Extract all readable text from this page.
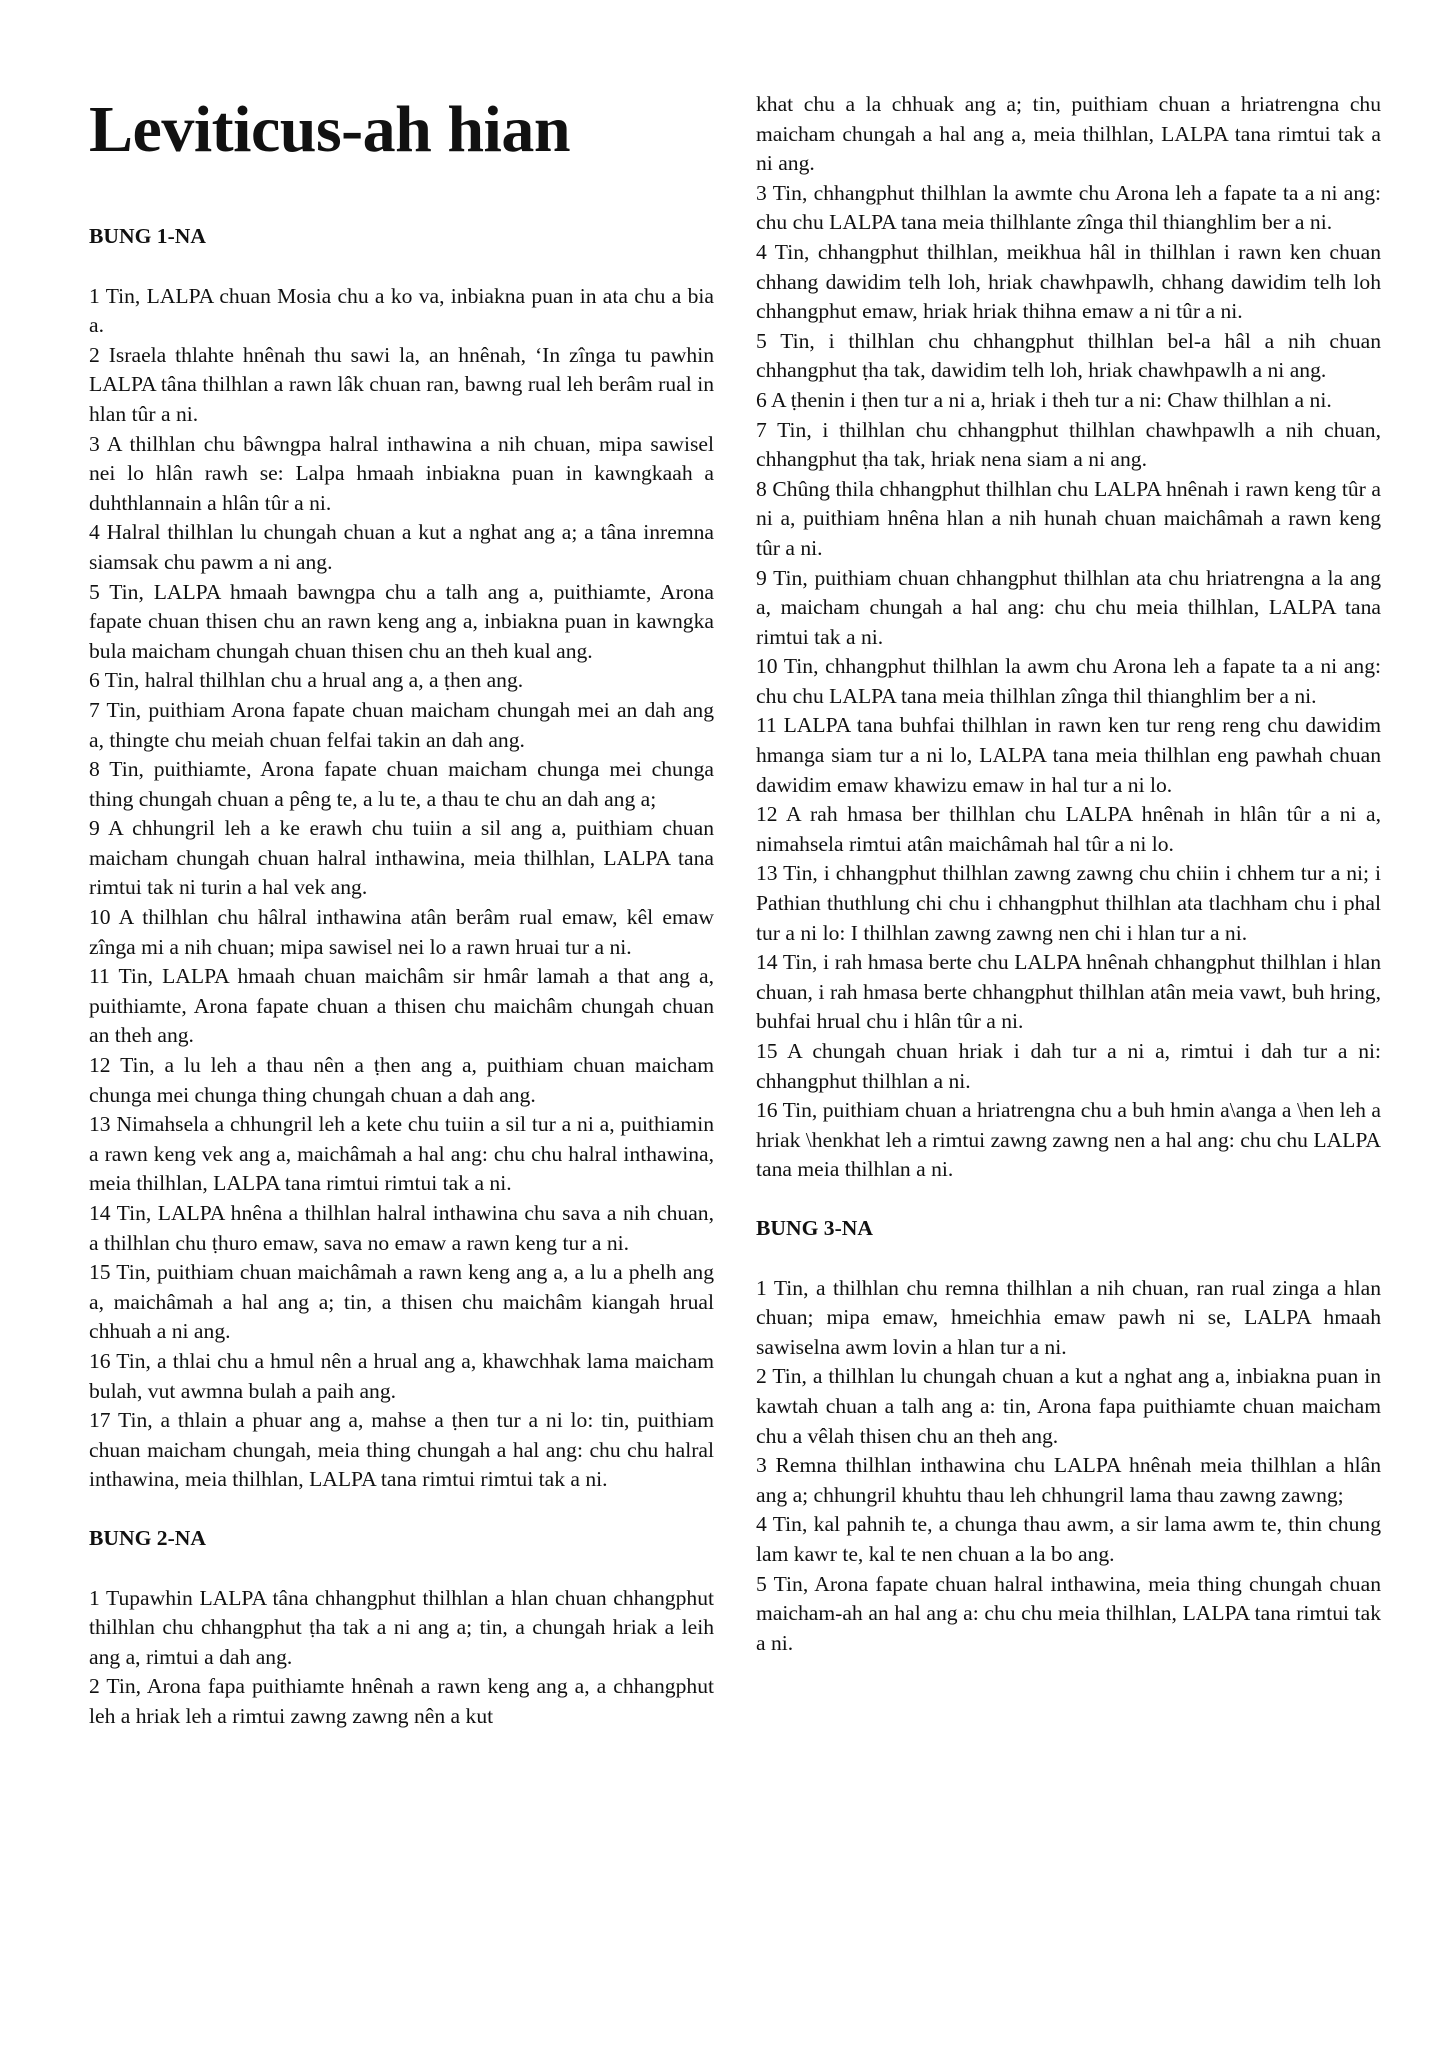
Leviticus-ah hian
BUNG 1-NA

1 Tin, LALPA chuan Mosia chu a ko va, inbiakna puan in ata chu a bia a.

2 Israela thlahte hnênah thu sawi la, an hnênah, ‘In zînga tu pawhin LALPA tâna thilhlan a rawn lâk chuan ran, bawng rual leh berâm rual in hlan tûr a ni.

3 A thilhlan chu bâwngpa halral inthawina a nih chuan, mipa sawisel nei lo hlân rawh se: Lalpa hmaah inbiakna puan in kawngkaah a duhthlannain a hlân tûr a ni.

4 Halral thilhlan lu chungah chuan a kut a nghat ang a; a tâna inremna siamsak chu pawm a ni ang.

5 Tin, LALPA hmaah bawngpa chu a talh ang a, puithiamte, Arona fapate chuan thisen chu an rawn keng ang a, inbiakna puan in kawngka bula maicham chungah chuan thisen chu an theh kual ang.

6 Tin, halral thilhlan chu a hrual ang a, a ṭhen ang.

7 Tin, puithiam Arona fapate chuan maicham chungah mei an dah ang a, thingte chu meiah chuan felfai takin an dah ang.

8 Tin, puithiamte, Arona fapate chuan maicham chunga mei chunga thing chungah chuan a pêng te, a lu te, a thau te chu an dah ang a;

9 A chhungril leh a ke erawh chu tuiin a sil ang a, puithiam chuan maicham chungah chuan halral inthawina, meia thilhlan, LALPA tana rimtui tak ni turin a hal vek ang.

10 A thilhlan chu hâlral inthawina atân berâm rual emaw, kêl emaw zînga mi a nih chuan; mipa sawisel nei lo a rawn hruai tur a ni.

11 Tin, LALPA hmaah chuan maichâm sir hmâr lamah a that ang a, puithiamte, Arona fapate chuan a thisen chu maichâm chungah chuan an theh ang.

12 Tin, a lu leh a thau nên a ṭhen ang a, puithiam chuan maicham chunga mei chunga thing chungah chuan a dah ang.

13 Nimahsela a chhungril leh a kete chu tuiin a sil tur a ni a, puithiamin a rawn keng vek ang a, maichâmah a hal ang: chu chu halral inthawina, meia thilhlan, LALPA tana rimtui rimtui tak a ni.

14 Tin, LALPA hnêna a thilhlan halral inthawina chu sava a nih chuan, a thilhlan chu ṭhuro emaw, sava no emaw a rawn keng tur a ni.

15 Tin, puithiam chuan maichâmah a rawn keng ang a, a lu a phelh ang a, maichâmah a hal ang a; tin, a thisen chu maichâm kiangah hrual chhuah a ni ang.

16 Tin, a thlai chu a hmul nên a hrual ang a, khawchhak lama maicham bulah, vut awmna bulah a paih ang.

17 Tin, a thlain a phuar ang a, mahse a ṭhen tur a ni lo: tin, puithiam chuan maicham chungah, meia thing chungah a hal ang: chu chu halral inthawina, meia thilhlan, LALPA tana rimtui rimtui tak a ni.

BUNG 2-NA

1 Tupawhin LALPA tâna chhangphut thilhlan a hlan chuan chhangphut thilhlan chu chhangphut ṭha tak a ni ang a; tin, a chungah hriak a leih ang a, rimtui a dah ang.

2 Tin, Arona fapa puithiamte hnênah a rawn keng ang a, a chhangphut leh a hriak leh a rimtui zawng zawng nên a kut

khat chu a la chhuak ang a; tin, puithiam chuan a hriatrengna chu maicham chungah a hal ang a, meia thilhlan, LALPA tana rimtui tak a ni ang.

3 Tin, chhangphut thilhlan la awmte chu Arona leh a fapate ta a ni ang: chu chu LALPA tana meia thilhlante zînga thil thianghlim ber a ni.

4 Tin, chhangphut thilhlan, meikhua hâl in thilhlan i rawn ken chuan chhang dawidim telh loh, hriak chawhpawlh, chhang dawidim telh loh chhangphut emaw, hriak hriak thihna emaw a ni tûr a ni.

5 Tin, i thilhlan chu chhangphut thilhlan bel-a hâl a nih chuan chhangphut ṭha tak, dawidim telh loh, hriak chawhpawlh a ni ang.

6 A ṭhenin i ṭhen tur a ni a, hriak i theh tur a ni: Chaw thilhlan a ni.

7 Tin, i thilhlan chu chhangphut thilhlan chawhpawlh a nih chuan, chhangphut ṭha tak, hriak nena siam a ni ang.

8 Chûng thila chhangphut thilhlan chu LALPA hnênah i rawn keng tûr a ni a, puithiam hnêna hlan a nih hunah chuan maichâmah a rawn keng tûr a ni.

9 Tin, puithiam chuan chhangphut thilhlan ata chu hriatrengna a la ang a, maicham chungah a hal ang: chu chu meia thilhlan, LALPA tana rimtui tak a ni.

10 Tin, chhangphut thilhlan la awm chu Arona leh a fapate ta a ni ang: chu chu LALPA tana meia thilhlan zînga thil thianghlim ber a ni.

11 LALPA tana buhfai thilhlan in rawn ken tur reng reng chu dawidim hmanga siam tur a ni lo, LALPA tana meia thilhlan eng pawhah chuan dawidim emaw khawizu emaw in hal tur a ni lo.

12 A rah hmasa ber thilhlan chu LALPA hnênah in hlân tûr a ni a, nimahsela rimtui atân maichâmah hal tûr a ni lo.

13 Tin, i chhangphut thilhlan zawng zawng chu chiin i chhem tur a ni; i Pathian thuthlung chi chu i chhangphut thilhlan ata tlachham chu i phal tur a ni lo: I thilhlan zawng zawng nen chi i hlan tur a ni.

14 Tin, i rah hmasa berte chu LALPA hnênah chhangphut thilhlan i hlan chuan, i rah hmasa berte chhangphut thilhlan atân meia vawt, buh hring, buhfai hrual chu i hlân tûr a ni.

15 A chungah chuan hriak i dah tur a ni a, rimtui i dah tur a ni: chhangphut thilhlan a ni.

16 Tin, puithiam chuan a hriatrengna chu a buh hmin a\anga a \hen leh a hriak \henkhat leh a rimtui zawng zawng nen a hal ang: chu chu LALPA tana meia thilhlan a ni.

BUNG 3-NA

1 Tin, a thilhlan chu remna thilhlan a nih chuan, ran rual zinga a hlan chuan; mipa emaw, hmeichhia emaw pawh ni se, LALPA hmaah sawiselna awm lovin a hlan tur a ni.

2 Tin, a thilhlan lu chungah chuan a kut a nghat ang a, inbiakna puan in kawtah chuan a talh ang a: tin, Arona fapa puithiamte chuan maicham chu a vêlah thisen chu an theh ang.

3 Remna thilhlan inthawina chu LALPA hnênah meia thilhlan a hlân ang a; chhungril khuhtu thau leh chhungril lama thau zawng zawng;

4 Tin, kal pahnih te, a chunga thau awm, a sir lama awm te, thin chung lam kawr te, kal te nen chuan a la bo ang.

5 Tin, Arona fapate chuan halral inthawina, meia thing chungah chuan maicham-ah an hal ang a: chu chu meia thilhlan, LALPA tana rimtui tak a ni.
